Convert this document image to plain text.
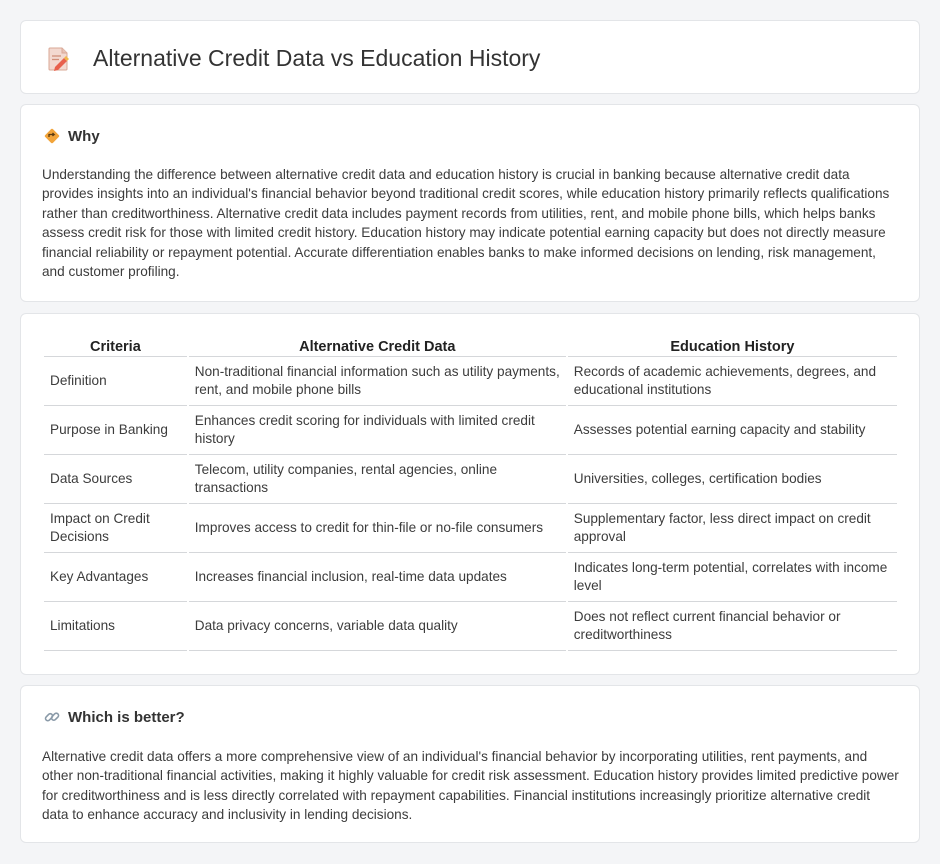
Alternative Credit Data vs Education History
Why

Understanding the difference between alternative credit data and education history is crucial in banking because alternative credit data provides insights into an individual's financial behavior beyond traditional credit scores, while education history primarily reflects qualifications rather than creditworthiness. Alternative credit data includes payment records from utilities, rent, and mobile phone bills, which helps banks assess credit risk for those with limited credit history. Education history may indicate potential earning capacity but does not directly measure financial reliability or repayment potential. Accurate differentiation enables banks to make informed decisions on lending, risk management, and customer profiling.

Criteria	Alternative Credit Data	Education History
Definition	Non-traditional financial information such as utility payments, rent, and mobile phone bills	Records of academic achievements, degrees, and educational institutions
Purpose in Banking	Enhances credit scoring for individuals with limited credit history	Assesses potential earning capacity and stability
Data Sources	Telecom, utility companies, rental agencies, online transactions	Universities, colleges, certification bodies
Impact on Credit Decisions	Improves access to credit for thin-file or no-file consumers	Supplementary factor, less direct impact on credit approval
Key Advantages	Increases financial inclusion, real-time data updates	Indicates long-term potential, correlates with income level
Limitations	Data privacy concerns, variable data quality	Does not reflect current financial behavior or creditworthiness
Which is better?

Alternative credit data offers a more comprehensive view of an individual's financial behavior by incorporating utilities, rent payments, and other non-traditional financial activities, making it highly valuable for credit risk assessment. Education history provides limited predictive power for creditworthiness and is less directly correlated with repayment capabilities. Financial institutions increasingly prioritize alternative credit data to enhance accuracy and inclusivity in lending decisions.
